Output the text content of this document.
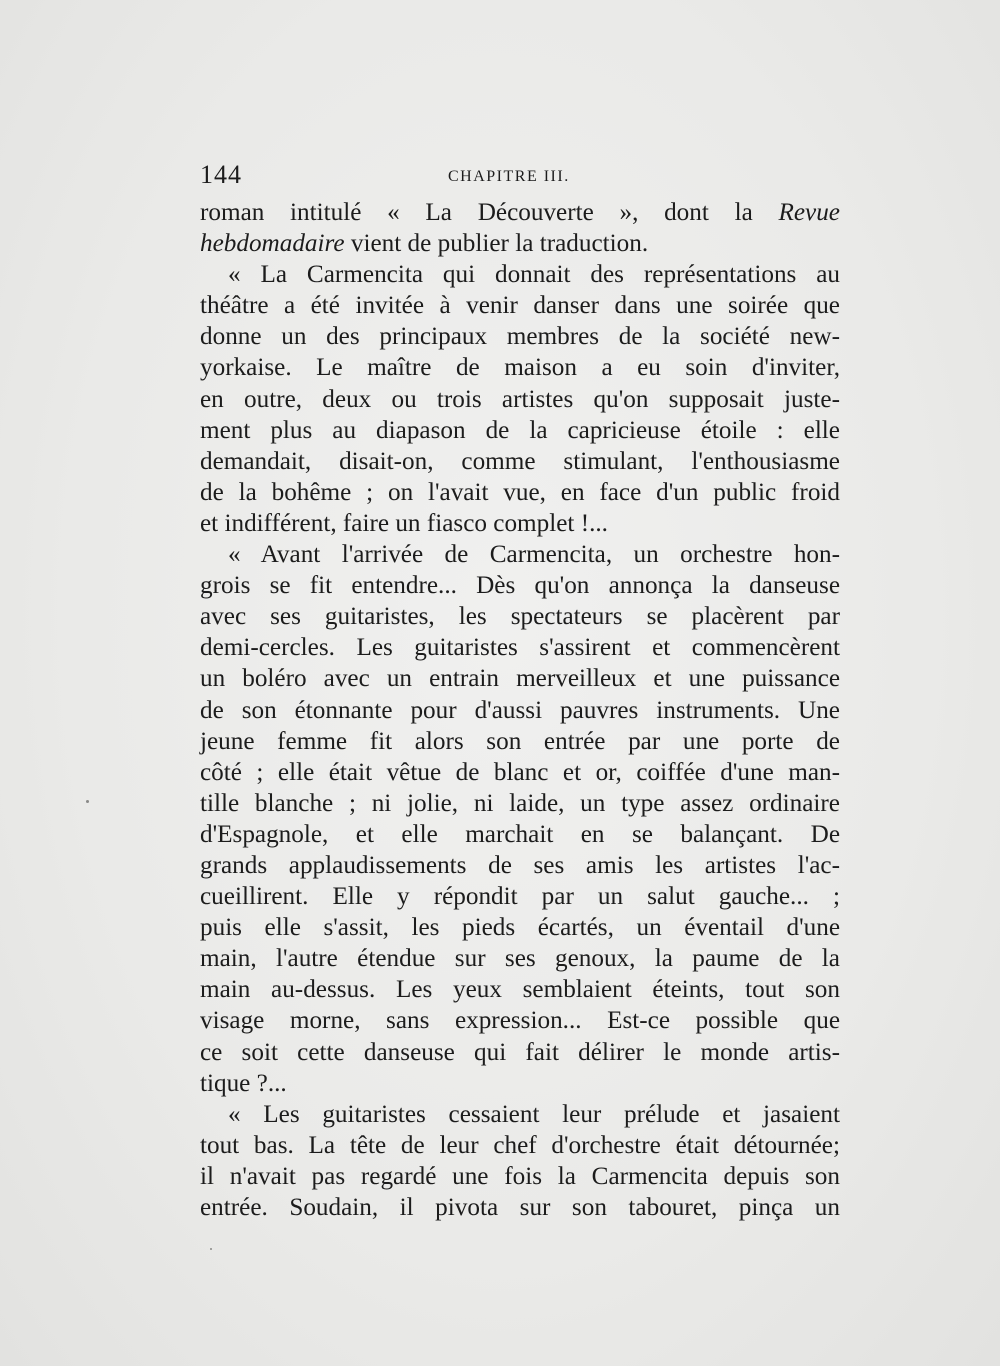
144	CHAPITRE III.
roman intitulé « La Découverte », dont la Revue
hebdomadaire vient de publier la traduction.
« La Carmencita qui donnait des représentations au
théâtre a été invitée à venir danser dans une soirée que
donne un des principaux membres de la société new-
yorkaise. Le maître de maison a eu soin d'inviter,
en outre, deux ou trois artistes qu'on supposait juste-
ment plus au diapason de la capricieuse étoile : elle
demandait, disait-on, comme stimulant, l'enthousiasme
de la bohême ; on l'avait vue, en face d'un public froid
et indifférent, faire un fiasco complet !...
« Avant l'arrivée de Carmencita, un orchestre hon-
grois se fit entendre... Dès qu'on annonça la danseuse
avec ses guitaristes, les spectateurs se placèrent par
demi-cercles. Les guitaristes s'assirent et commencèrent
un boléro avec un entrain merveilleux et une puissance
de son étonnante pour d'aussi pauvres instruments. Une
jeune femme fit alors son entrée par une porte de
côté ; elle était vêtue de blanc et or, coiffée d'une man-
tille blanche ; ni jolie, ni laide, un type assez ordinaire
d'Espagnole, et elle marchait en se balançant. De
grands applaudissements de ses amis les artistes l'ac-
cueillirent. Elle y répondit par un salut gauche... ;
puis elle s'assit, les pieds écartés, un éventail d'une
main, l'autre étendue sur ses genoux, la paume de la
main au-dessus. Les yeux semblaient éteints, tout son
visage morne, sans expression... Est-ce possible que
ce soit cette danseuse qui fait délirer le monde artis-
tique ?...
« Les guitaristes cessaient leur prélude et jasaient
tout bas. La tête de leur chef d'orchestre était détournée;
il n'avait pas regardé une fois la Carmencita depuis son
entrée. Soudain, il pivota sur son tabouret, pinça un
